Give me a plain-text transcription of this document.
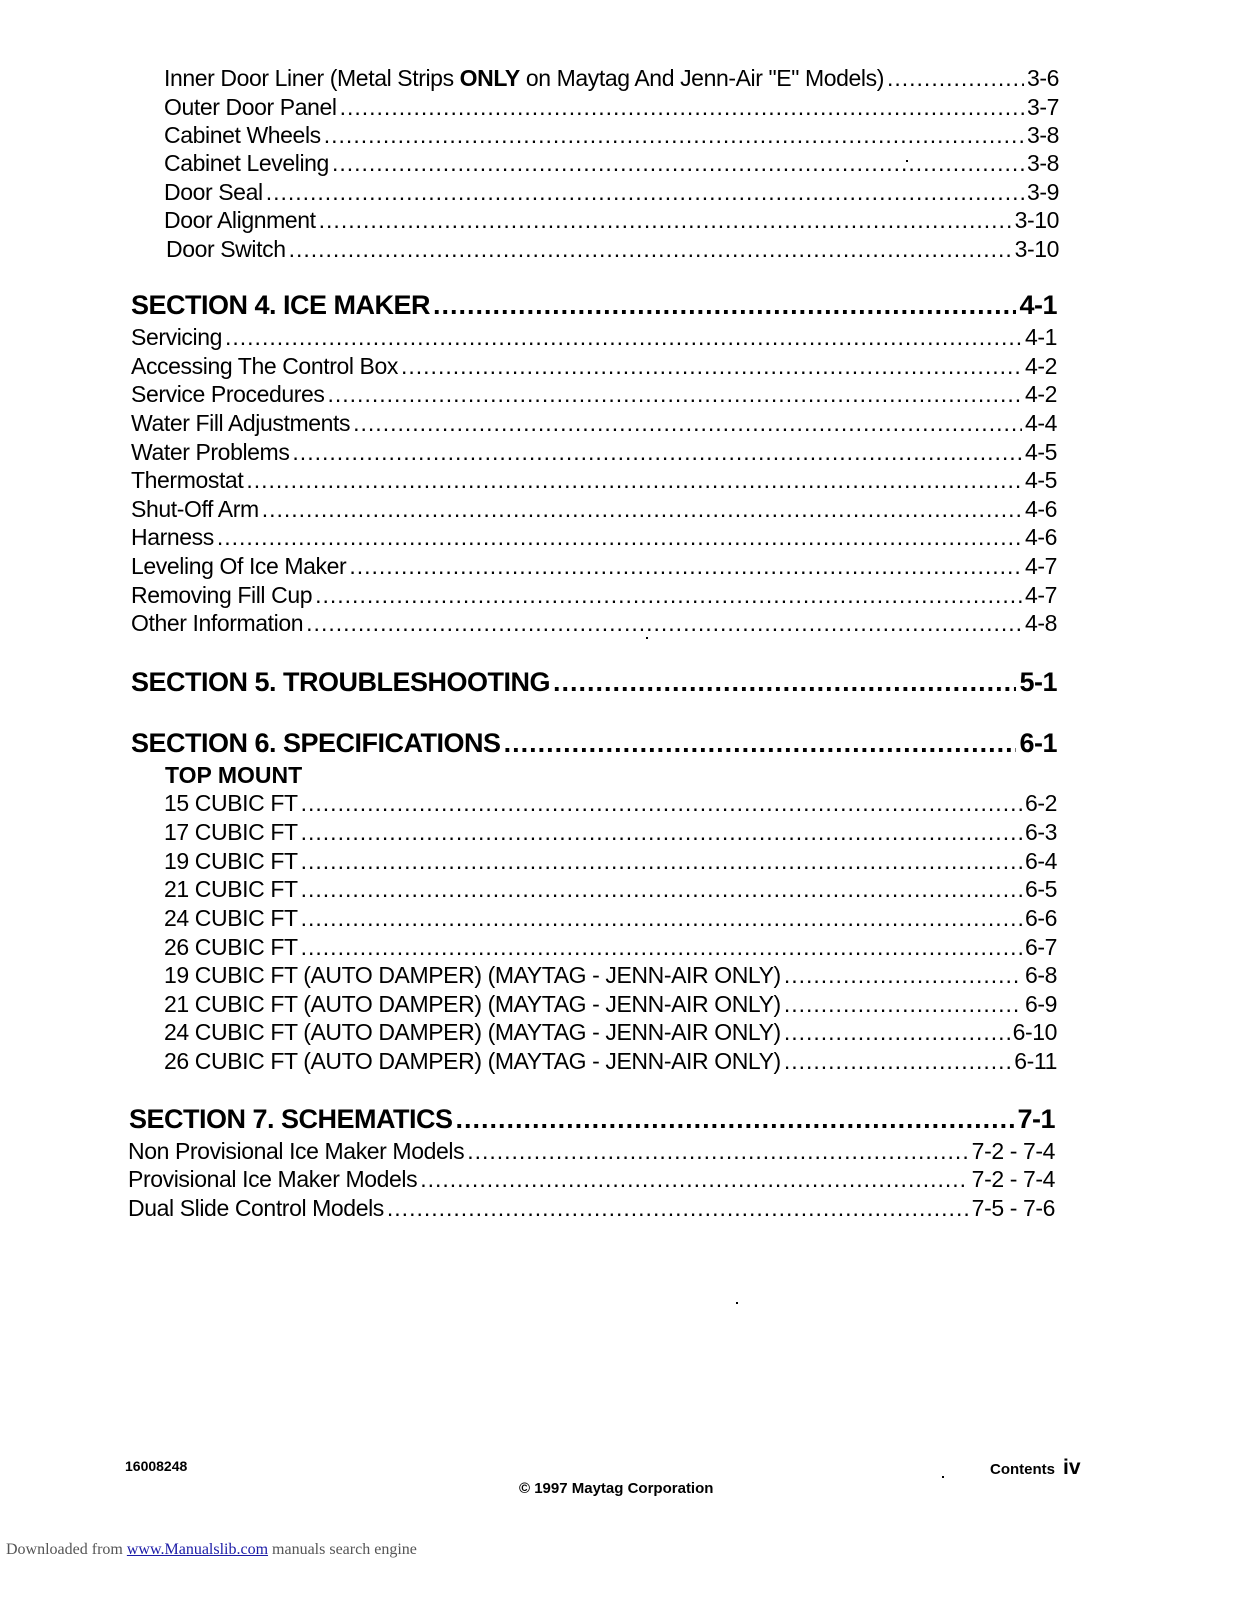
Inner Door Liner (Metal Strips ONLY on Maytag And Jenn-Air "E" Models) .....	3-6
Outer Door Panel .....	3-7
Cabinet Wheels .....	3-8
Cabinet Leveling .....	3-8
Door Seal .....	3-9
Door Alignment .....	3-10
Door Switch .....	3-10
SECTION 4. ICE MAKER .....	4-1
Servicing .....	4-1
Accessing The Control Box .....	4-2
Service Procedures .....	4-2
Water Fill Adjustments .....	4-4
Water Problems .....	4-5
Thermostat .....	4-5
Shut-Off Arm .....	4-6
Harness .....	4-6
Leveling Of Ice Maker .....	4-7
Removing Fill Cup .....	4-7
Other Information .....	4-8
SECTION 5. TROUBLESHOOTING .....	5-1
SECTION 6. SPECIFICATIONS .....	6-1
TOP MOUNT
15 CUBIC FT .....	6-2
17 CUBIC FT .....	6-3
19 CUBIC FT .....	6-4
21 CUBIC FT .....	6-5
24 CUBIC FT .....	6-6
26 CUBIC FT .....	6-7
19 CUBIC FT (AUTO DAMPER) (MAYTAG - JENN-AIR ONLY) .....	6-8
21 CUBIC FT (AUTO DAMPER) (MAYTAG - JENN-AIR ONLY) .....	6-9
24 CUBIC FT (AUTO DAMPER) (MAYTAG - JENN-AIR ONLY) .....	6-10
26 CUBIC FT (AUTO DAMPER) (MAYTAG - JENN-AIR ONLY) .....	6-11
SECTION 7. SCHEMATICS .....	7-1
Non Provisional Ice Maker Models .....	7-2 - 7-4
Provisional Ice Maker Models .....	7-2 - 7-4
Dual Slide Control Models .....	7-5 - 7-6
16008248
© 1997 Maytag Corporation
Contents iv
Downloaded from www.Manualslib.com manuals search engine
